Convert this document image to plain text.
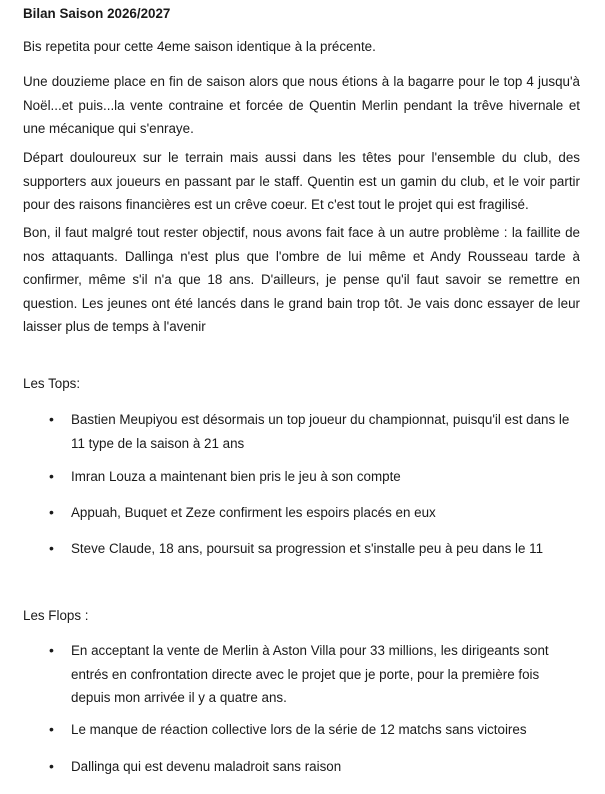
Bilan Saison 2026/2027
Bis repetita pour cette 4eme saison identique à la précente.
Une douzieme place en fin de saison alors que nous étions à la bagarre pour le top 4 jusqu'à Noël...et puis...la vente contraine et forcée de Quentin Merlin pendant la trêve hivernale et une mécanique qui s'enraye.
Départ douloureux sur le terrain mais aussi dans les têtes pour l'ensemble du club, des supporters aux joueurs en passant par le staff. Quentin est un gamin du club, et le voir partir pour des raisons financières est un crêve coeur. Et c'est tout le projet qui est fragilisé.
Bon, il faut malgré tout rester objectif, nous avons fait face à un autre problème : la faillite de nos attaquants. Dallinga n'est plus que l'ombre de lui même et Andy Rousseau tarde à confirmer, même s'il n'a que 18 ans. D'ailleurs, je pense qu'il faut savoir se remettre en question. Les jeunes ont été lancés dans le grand bain trop tôt. Je vais donc essayer de leur laisser plus de temps à l'avenir
Les Tops:
• Bastien Meupiyou est désormais un top joueur du championnat, puisqu'il est dans le 11 type de la saison à 21 ans
• Imran Louza a maintenant bien pris le jeu à son compte
• Appuah, Buquet et Zeze confirment les espoirs placés en eux
• Steve Claude, 18 ans, poursuit sa progression et s'installe peu à peu dans le 11
Les Flops :
• En acceptant la vente de Merlin à Aston Villa pour 33 millions, les dirigeants sont entrés en confrontation directe avec le projet que je porte, pour la première fois depuis mon arrivée il y a quatre ans.
• Le manque de réaction collective lors de la série de 12 matchs sans victoires
• Dallinga qui est devenu maladroit sans raison
